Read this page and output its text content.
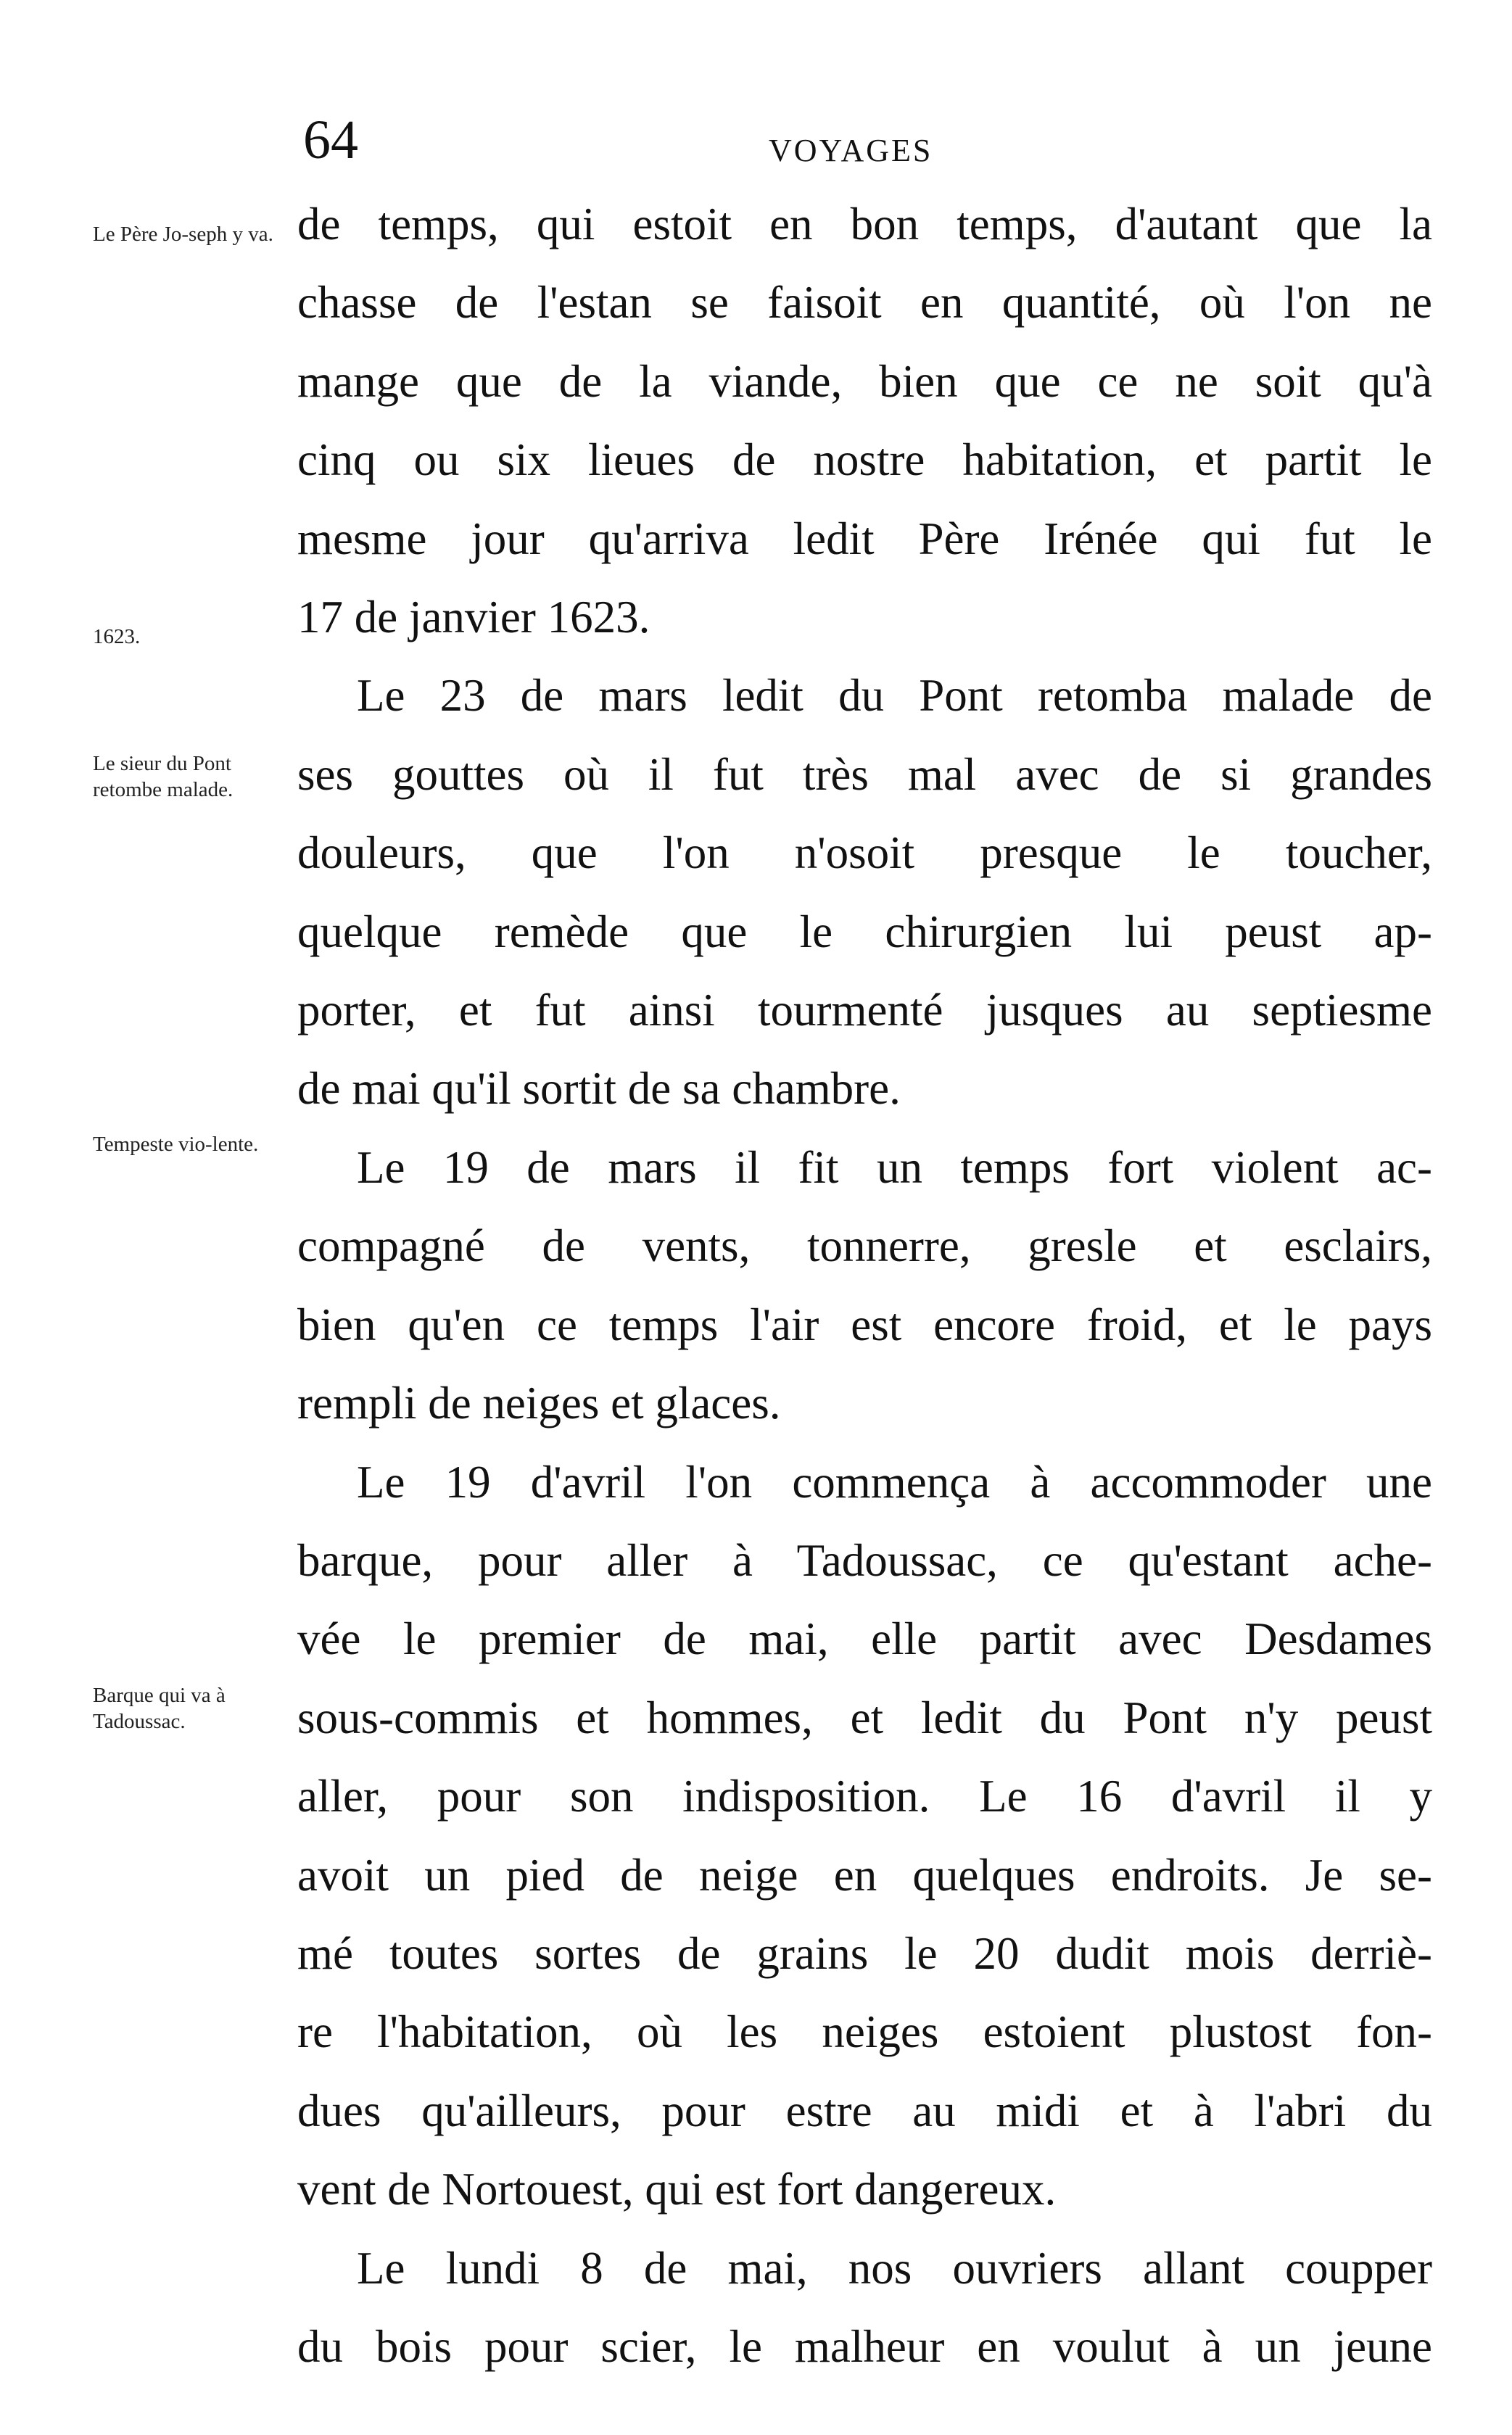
64	VOYAGES
Le Père Jo-seph y va.
1623.
Le sieur du Pont retombe malade.
Tempeste vio-lente.
Barque qui va à Tadoussac.

de temps, qui estoit en bon temps, d'autant que la
chasse de l'estan se faisoit en quantité, où l'on ne
mange que de la viande, bien que ce ne soit qu'à
cinq ou six lieues de nostre habitation, et partit le
mesme jour qu'arriva ledit Père Irénée qui fut le
17 de janvier 1623.

Le 23 de mars ledit du Pont retomba malade de
ses gouttes où il fut très mal avec de si grandes
douleurs, que l'on n'osoit presque le toucher,
quelque remède que le chirurgien lui peust ap-
porter, et fut ainsi tourmenté jusques au septiesme
de mai qu'il sortit de sa chambre.

Le 19 de mars il fit un temps fort violent ac-
compagné de vents, tonnerre, gresle et esclairs,
bien qu'en ce temps l'air est encore froid, et le pays
rempli de neiges et glaces.

Le 19 d'avril l'on commença à accommoder une
barque, pour aller à Tadoussac, ce qu'estant ache-
vée le premier de mai, elle partit avec Desdames
sous-commis et hommes, et ledit du Pont n'y peust
aller, pour son indisposition. Le 16 d'avril il y
avoit un pied de neige en quelques endroits. Je se-
mé toutes sortes de grains le 20 dudit mois derriè-
re l'habitation, où les neiges estoient plustost fon-
dues qu'ailleurs, pour estre au midi et à l'abri du
vent de Nortouest, qui est fort dangereux.

Le lundi 8 de mai, nos ouvriers allant coupper
du bois pour scier, le malheur en voulut à un jeune
